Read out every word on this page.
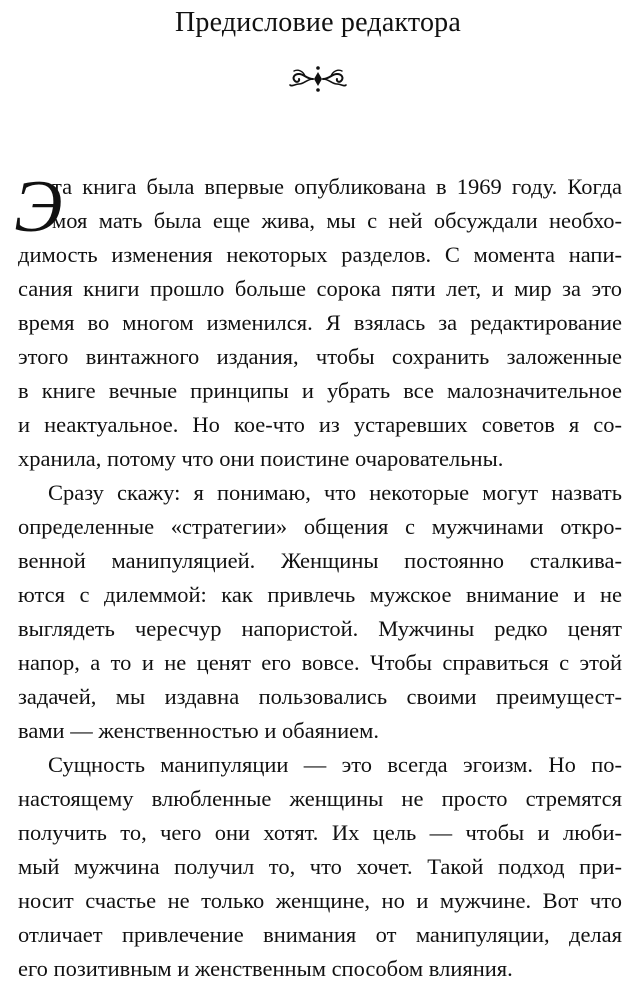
Предисловие редактора
Э
та книга была впервые опубликована в 1969 году. Когда
моя мать была еще жива, мы с ней обсуждали необхо-
димость изменения некоторых разделов. С момента напи-
сания книги прошло больше сорока пяти лет, и мир за это
время во многом изменился. Я взялась за редактирование
этого винтажного издания, чтобы сохранить заложенные
в книге вечные принципы и убрать все малозначительное
и неактуальное. Но кое-что из устаревших советов я со-
хранила, потому что они поистине очаровательны.
Сразу скажу: я понимаю, что некоторые могут назвать
определенные «стратегии» общения с мужчинами откро-
венной манипуляцией. Женщины постоянно сталкива-
ются с дилеммой: как привлечь мужское внимание и не
выглядеть чересчур напористой. Мужчины редко ценят
напор, а то и не ценят его вовсе. Чтобы справиться с этой
задачей, мы издавна пользовались своими преимущест-
вами — женственностью и обаянием.
Сущность манипуляции — это всегда эгоизм. Но по-
настоящему влюбленные женщины не просто стремятся
получить то, чего они хотят. Их цель — чтобы и люби-
мый мужчина получил то, что хочет. Такой подход при-
носит счастье не только женщине, но и мужчине. Вот что
отличает привлечение внимания от манипуляции, делая
его позитивным и женственным способом влияния.
